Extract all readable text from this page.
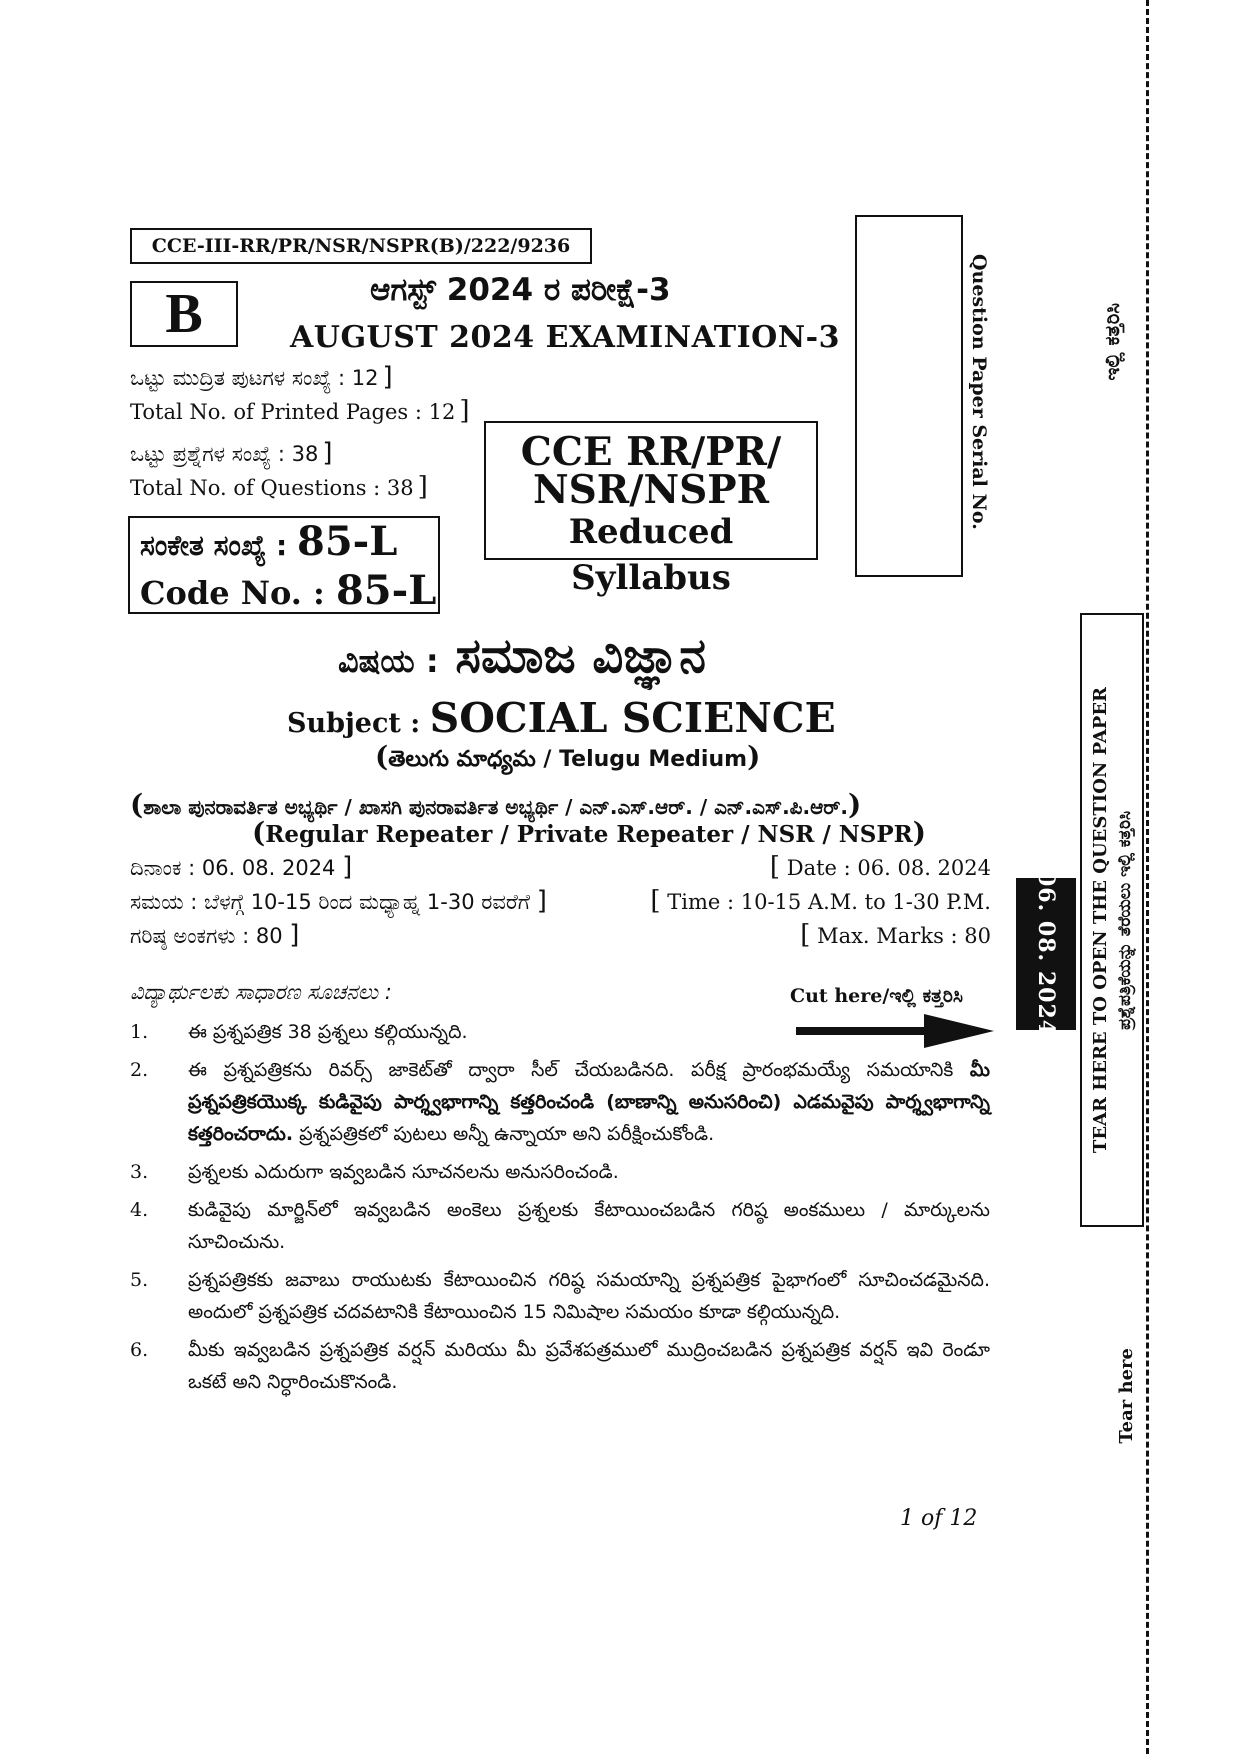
CCE-III-RR/PR/NSR/NSPR(B)/222/9236
B	ಆಗಸ್ಟ್ 2024 ರ ಪರೀಕ್ಷೆ-3
AUGUST 2024 EXAMINATION-3
ಒಟ್ಟು ಮುದ್ರಿತ ಪುಟಗಳ ಸಂಖ್ಯೆ : 12 ]
Total No. of Printed Pages : 12 ]
ಒಟ್ಟು ಪ್ರಶ್ನೆಗಳ ಸಂಖ್ಯೆ : 38 ]
Total No. of Questions : 38 ]
CCE RR/PR/
NSR/NSPR
Reduced Syllabus
ಸಂಕೇತ ಸಂಖ್ಯೆ : 85-L
Code No. : 85-L
Question Paper Serial No.	ಇಲ್ಲಿ ಕತ್ತರಿಸಿ
ವಿಷಯ : ಸಮಾಜ ವಿಜ್ಞಾನ
Subject : SOCIAL SCIENCE
(తెలుగు మాధ్యమ / Telugu Medium)
(ಶಾಲಾ ಪುನರಾವರ್ತಿತ ಅಭ್ಯರ್ಥಿ / ಖಾಸಗಿ ಪುನರಾವರ್ತಿತ ಅಭ್ಯರ್ಥಿ / ಎನ್.ಎಸ್.ಆರ್. / ಎನ್.ಎಸ್.ಪಿ.ಆರ್.)
(Regular Repeater / Private Repeater / NSR / NSPR)
ದಿನಾಂಕ : 06. 08. 2024 ]	[ Date : 06. 08. 2024
ಸಮಯ : ಬೆಳಗ್ಗೆ 10-15 ರಿಂದ ಮಧ್ಯಾಹ್ನ 1-30 ರವರೆಗೆ ]	[ Time : 10-15 A.M. to 1-30 P.M.
ಗರಿಷ್ಠ ಅಂಕಗಳು : 80 ]	[ Max. Marks : 80
ವಿದ್ಯಾರ್ಥುಲಕು ಸಾಧಾರಣ ಸೂಚನಲು :	Cut here/ಇಲ್ಲಿ ಕತ್ತರಿಸಿ
1.	ఈ ప్రశ్నపత్రిక 38 ప్రశ్నలు కల్గియున్నది.
2.	ఈ ప్రశ్నపత్రికను రివర్స్ జాకెట్‌తో ద్వారా సీల్ చేయబడినది. పరీక్ష ప్రారంభమయ్యే సమయానికి మీ ప్రశ్నపత్రికయొక్క కుడివైపు పార్శ్వభాగాన్ని కత్తరించండి (బాణాన్ని అనుసరించి) ఎడమవైపు పార్శ్వభాగాన్ని కత్తరించరాదు. ప్రశ్నపత్రికలో పుటలు అన్నీ ఉన్నాయా అని పరీక్షించుకోండి.
3.	ప్రశ్నలకు ఎదురుగా ఇవ్వబడిన సూచనలను అనుసరించండి.
4.	కుడివైపు మార్జిన్‌లో ఇవ్వబడిన అంకెలు ప్రశ్నలకు కేటాయించబడిన గరిష్ఠ అంకములు / మార్కులను సూచించును.
5.	ప్రశ్నపత్రికకు జవాబు రాయుటకు కేటాయించిన గరిష్ఠ సమయాన్ని ప్రశ్నపత్రిక పైభాగంలో సూచించడమైనది. అందులో ప్రశ్నపత్రిక చదవటానికి కేటాయించిన 15 నిమిషాల సమయం కూడా కల్గియున్నది.
6.	మీకు ఇవ్వబడిన ప్రశ్నపత్రిక వర్షన్ మరియు మీ ప్రవేశపత్రములో ముద్రించబడిన ప్రశ్నపత్రిక వర్షన్ ఇవి రెండూ ఒకటే అని నిర్ధారించుకొనండి.
1 of 12
06. 08. 2024 TEAR HERE TO OPEN THE QUESTION PAPER ಪ್ರಶ್ನೆಪತ್ರಿಕೆಯನ್ನು ತೆರೆಯಲು ಇಲ್ಲಿ ಕತ್ತರಿಸಿ
Tear here
